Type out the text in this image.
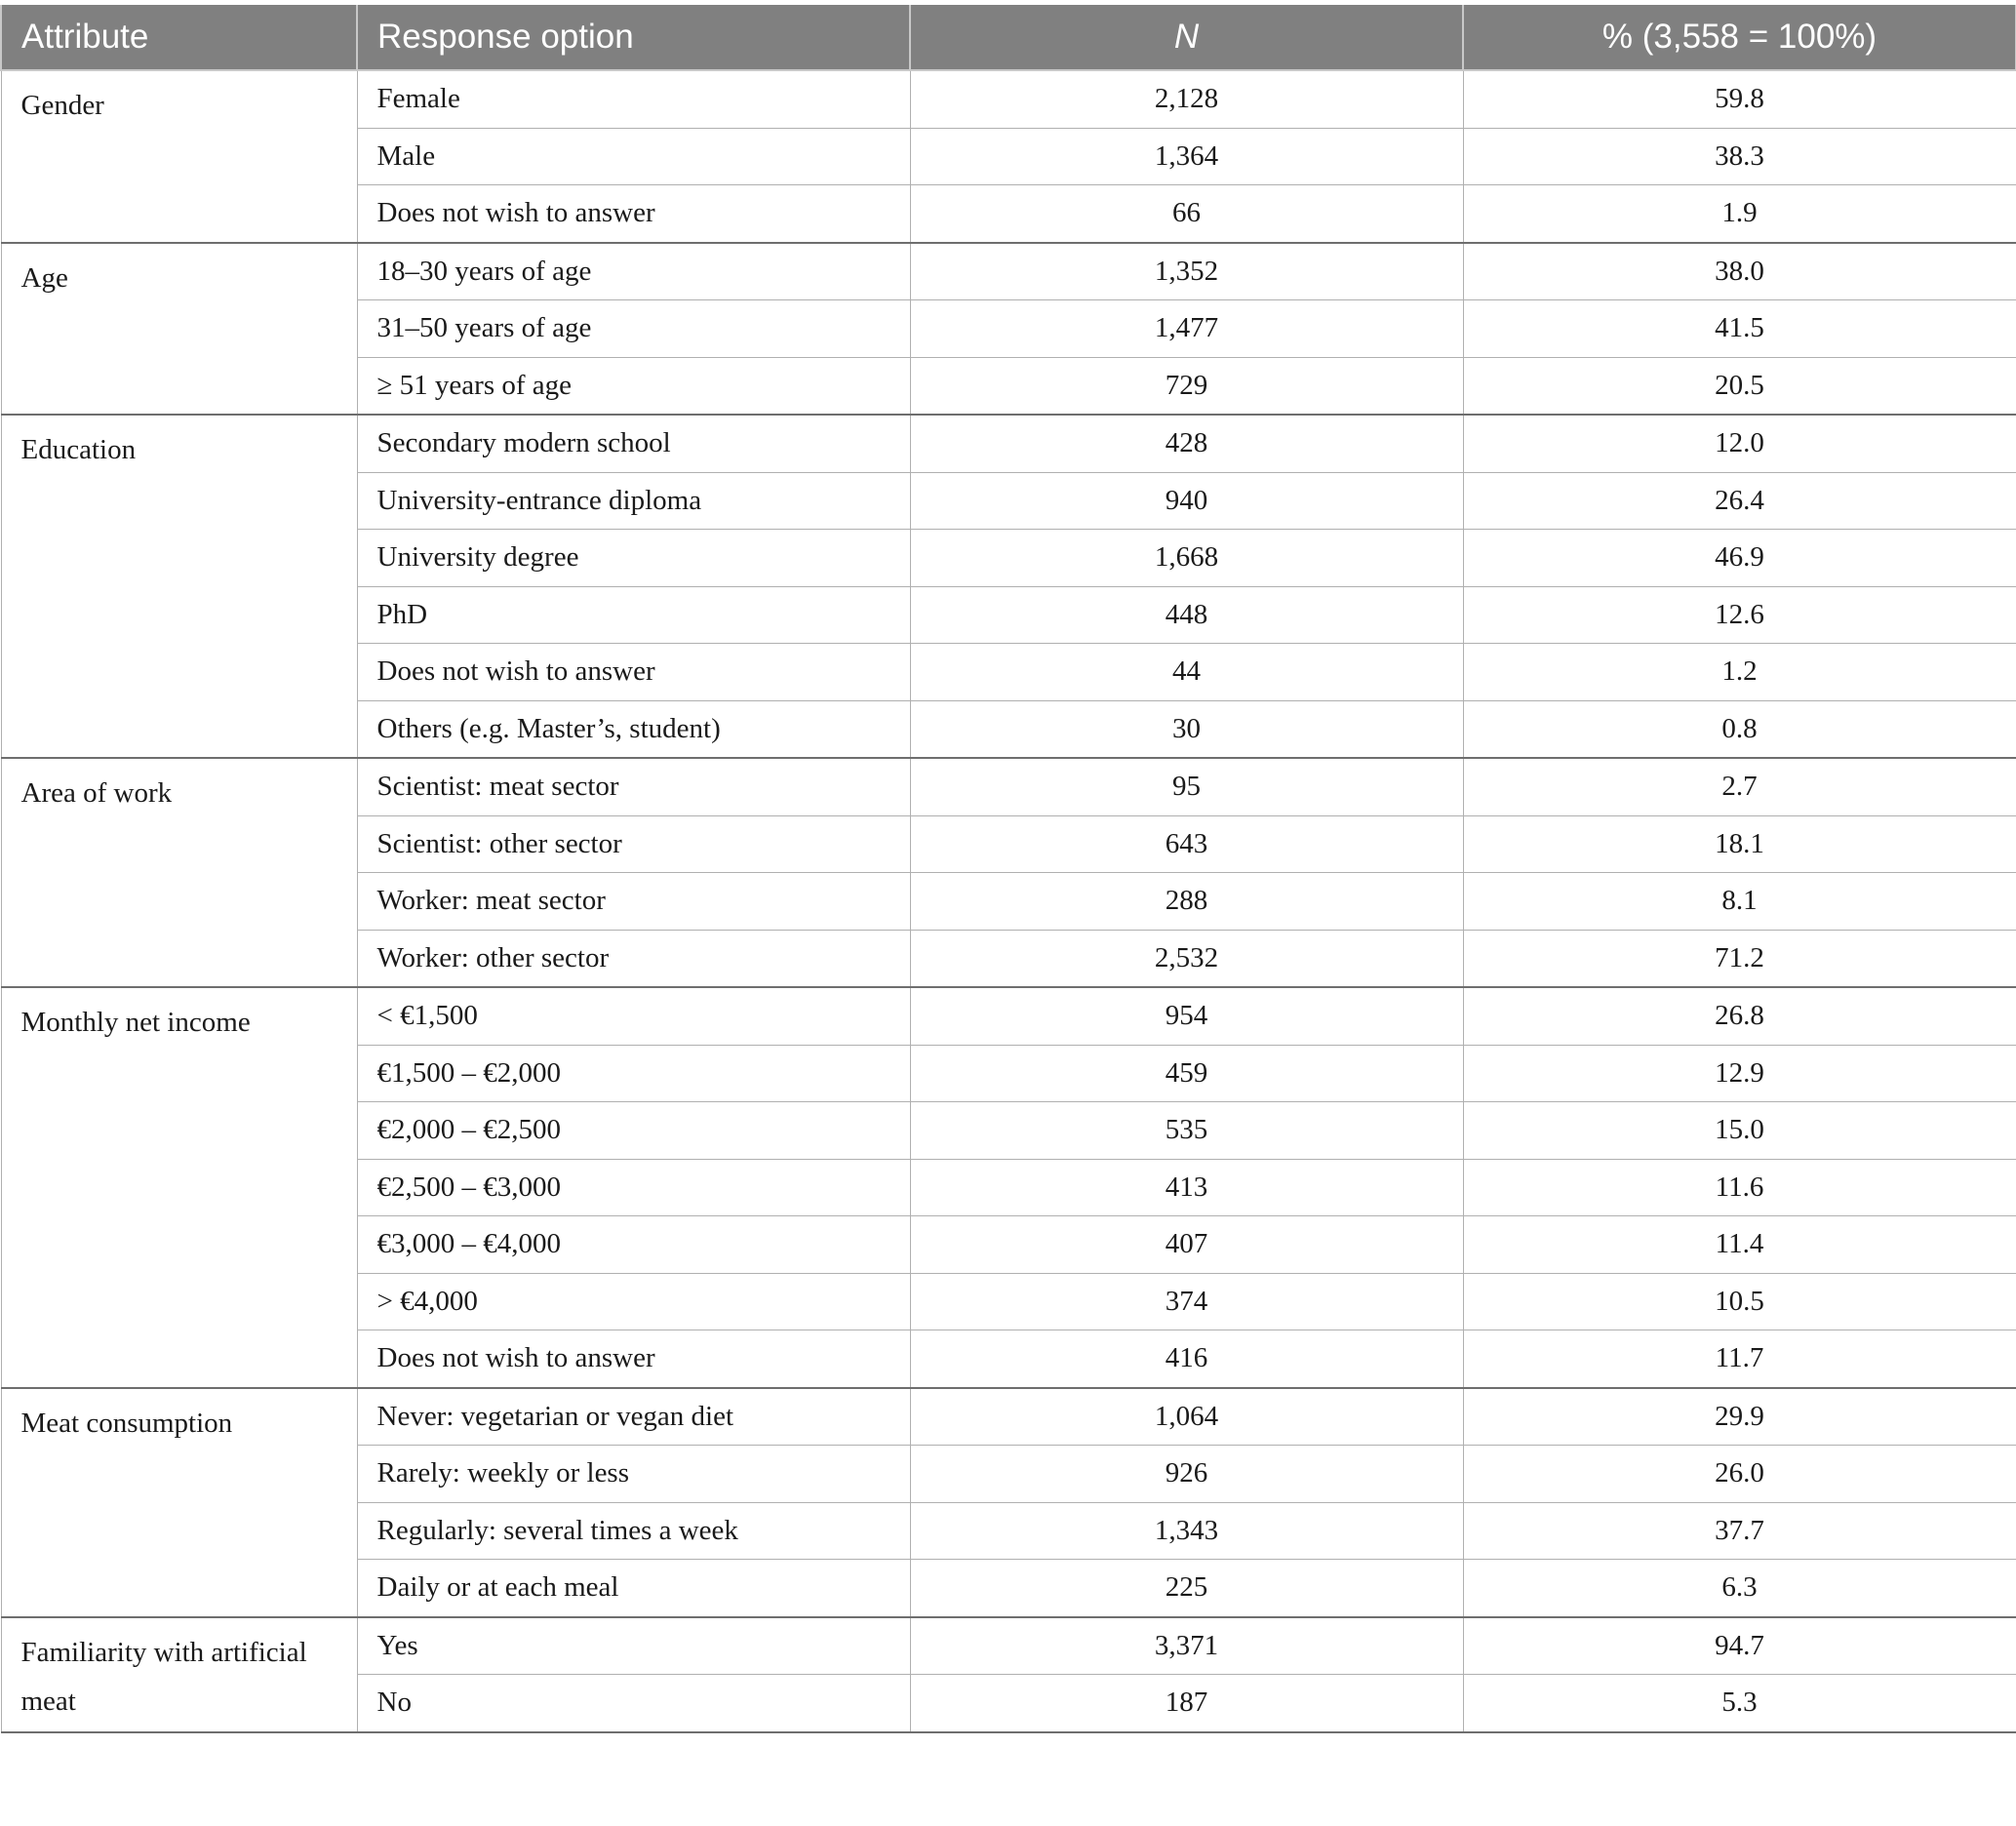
Attribute	Response option	N	% (3,558 = 100%)
Gender	Female	2,128	59.8
	Male	1,364	38.3
	Does not wish to answer	66	1.9
Age	18–30 years of age	1,352	38.0
	31–50 years of age	1,477	41.5
	≥ 51 years of age	729	20.5
Education	Secondary modern school	428	12.0
	University-entrance diploma	940	26.4
	University degree	1,668	46.9
	PhD	448	12.6
	Does not wish to answer	44	1.2
	Others (e.g. Master’s, student)	30	0.8
Area of work	Scientist: meat sector	95	2.7
	Scientist: other sector	643	18.1
	Worker: meat sector	288	8.1
	Worker: other sector	2,532	71.2
Monthly net income	< €1,500	954	26.8
	€1,500 – €2,000	459	12.9
	€2,000 – €2,500	535	15.0
	€2,500 – €3,000	413	11.6
	€3,000 – €4,000	407	11.4
	> €4,000	374	10.5
	Does not wish to answer	416	11.7
Meat consumption	Never: vegetarian or vegan diet	1,064	29.9
	Rarely: weekly or less	926	26.0
	Regularly: several times a week	1,343	37.7
	Daily or at each meal	225	6.3
Familiarity with artificial meat	Yes	3,371	94.7
	No	187	5.3
